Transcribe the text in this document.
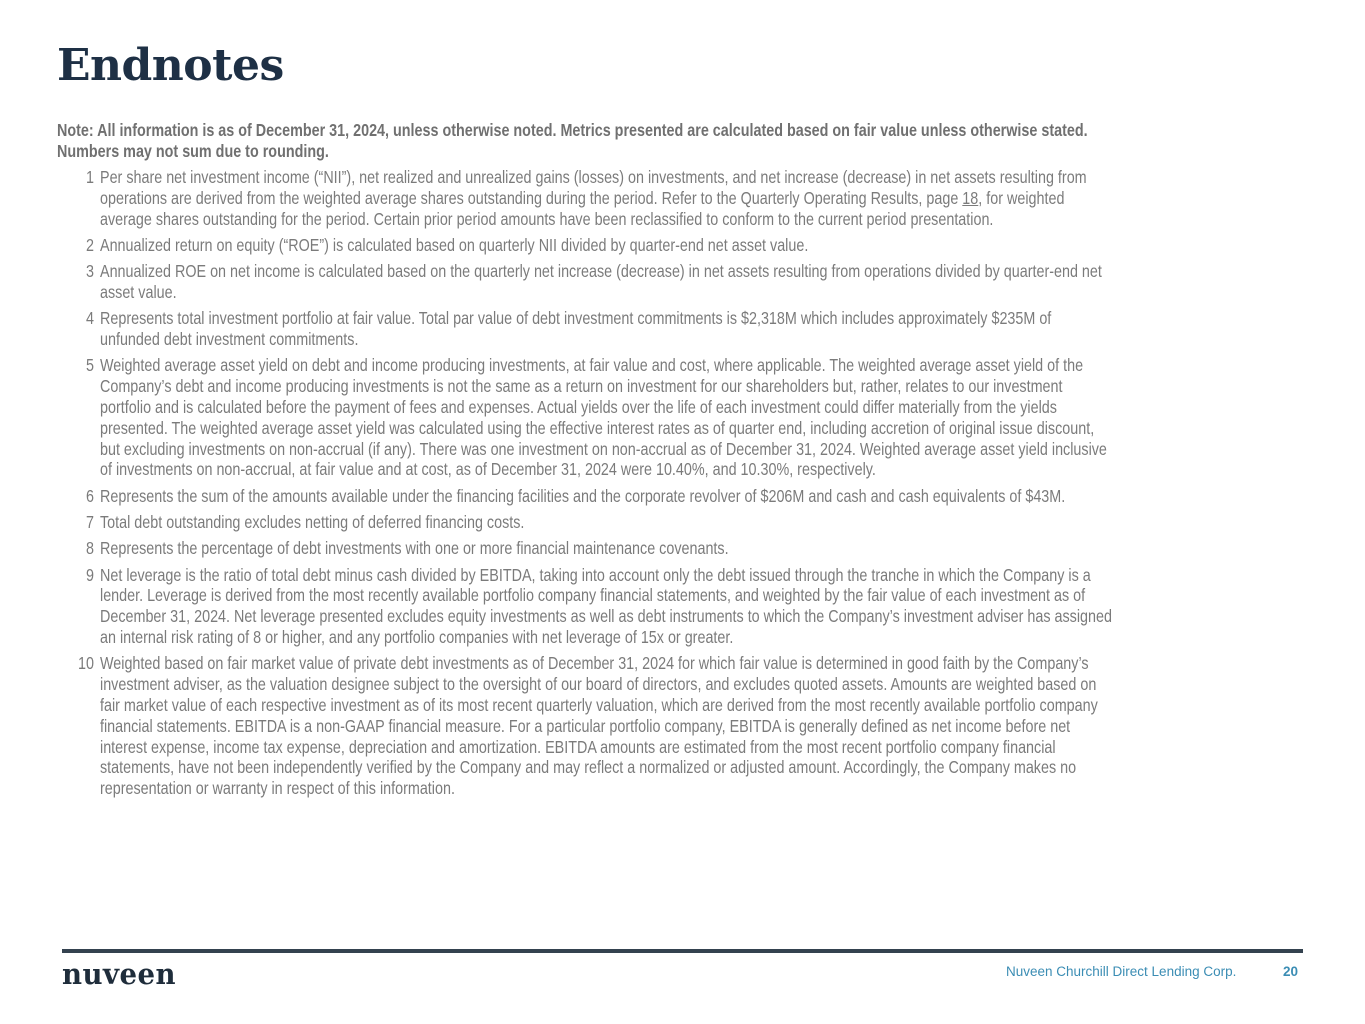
Endnotes
Note: All information is as of December 31, 2024, unless otherwise noted. Metrics presented are calculated based on fair value unless otherwise stated.
Numbers may not sum due to rounding.
1 Per share net investment income (“NII”), net realized and unrealized gains (losses) on investments, and net increase (decrease) in net assets resulting from
operations are derived from the weighted average shares outstanding during the period. Refer to the Quarterly Operating Results, page 18, for weighted
average shares outstanding for the period. Certain prior period amounts have been reclassified to conform to the current period presentation.
2 Annualized return on equity (“ROE”) is calculated based on quarterly NII divided by quarter-end net asset value.
3 Annualized ROE on net income is calculated based on the quarterly net increase (decrease) in net assets resulting from operations divided by quarter-end net
asset value.
4 Represents total investment portfolio at fair value. Total par value of debt investment commitments is $2,318M which includes approximately $235M of
unfunded debt investment commitments.
5 Weighted average asset yield on debt and income producing investments, at fair value and cost, where applicable. The weighted average asset yield of the
Company’s debt and income producing investments is not the same as a return on investment for our shareholders but, rather, relates to our investment
portfolio and is calculated before the payment of fees and expenses. Actual yields over the life of each investment could differ materially from the yields
presented. The weighted average asset yield was calculated using the effective interest rates as of quarter end, including accretion of original issue discount,
but excluding investments on non-accrual (if any). There was one investment on non-accrual as of December 31, 2024. Weighted average asset yield inclusive
of investments on non-accrual, at fair value and at cost, as of December 31, 2024 were 10.40%, and 10.30%, respectively.
6 Represents the sum of the amounts available under the financing facilities and the corporate revolver of $206M and cash and cash equivalents of $43M.
7 Total debt outstanding excludes netting of deferred financing costs.
8 Represents the percentage of debt investments with one or more financial maintenance covenants.
9 Net leverage is the ratio of total debt minus cash divided by EBITDA, taking into account only the debt issued through the tranche in which the Company is a
lender. Leverage is derived from the most recently available portfolio company financial statements, and weighted by the fair value of each investment as of
December 31, 2024. Net leverage presented excludes equity investments as well as debt instruments to which the Company’s investment adviser has assigned
an internal risk rating of 8 or higher, and any portfolio companies with net leverage of 15x or greater.
10 Weighted based on fair market value of private debt investments as of December 31, 2024 for which fair value is determined in good faith by the Company’s
investment adviser, as the valuation designee subject to the oversight of our board of directors, and excludes quoted assets. Amounts are weighted based on
fair market value of each respective investment as of its most recent quarterly valuation, which are derived from the most recently available portfolio company
financial statements. EBITDA is a non-GAAP financial measure. For a particular portfolio company, EBITDA is generally defined as net income before net
interest expense, income tax expense, depreciation and amortization. EBITDA amounts are estimated from the most recent portfolio company financial
statements, have not been independently verified by the Company and may reflect a normalized or adjusted amount. Accordingly, the Company makes no
representation or warranty in respect of this information.
nuveen	Nuveen Churchill Direct Lending Corp.	20
